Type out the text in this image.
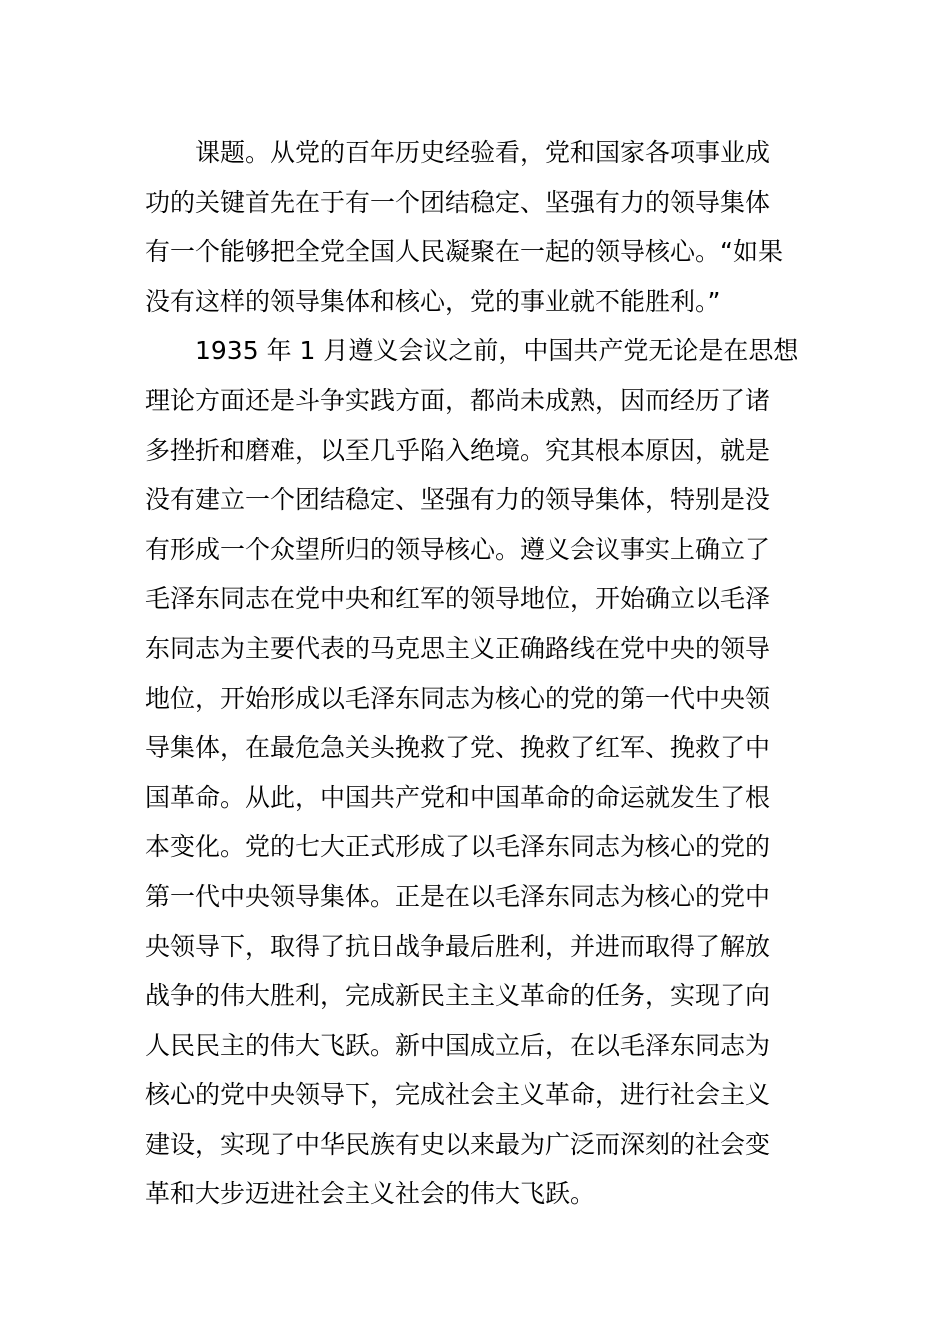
课题。从党的百年历史经验看，党和国家各项事业成
功的关键首先在于有一个团结稳定、坚强有力的领导集体
有一个能够把全党全国人民凝聚在一起的领导核心。“如果
没有这样的领导集体和核心，党的事业就不能胜利。”
1935 年 1 月遵义会议之前，中国共产党无论是在思想
理论方面还是斗争实践方面，都尚未成熟，因而经历了诸
多挫折和磨难，以至几乎陷入绝境。究其根本原因，就是
没有建立一个团结稳定、坚强有力的领导集体，特别是没
有形成一个众望所归的领导核心。遵义会议事实上确立了
毛泽东同志在党中央和红军的领导地位，开始确立以毛泽
东同志为主要代表的马克思主义正确路线在党中央的领导
地位，开始形成以毛泽东同志为核心的党的第一代中央领
导集体，在最危急关头挽救了党、挽救了红军、挽救了中
国革命。从此，中国共产党和中国革命的命运就发生了根
本变化。党的七大正式形成了以毛泽东同志为核心的党的
第一代中央领导集体。正是在以毛泽东同志为核心的党中
央领导下，取得了抗日战争最后胜利，并进而取得了解放
战争的伟大胜利，完成新民主主义革命的任务，实现了向
人民民主的伟大飞跃。新中国成立后，在以毛泽东同志为
核心的党中央领导下，完成社会主义革命，进行社会主义
建设，实现了中华民族有史以来最为广泛而深刻的社会变
革和大步迈进社会主义社会的伟大飞跃。
